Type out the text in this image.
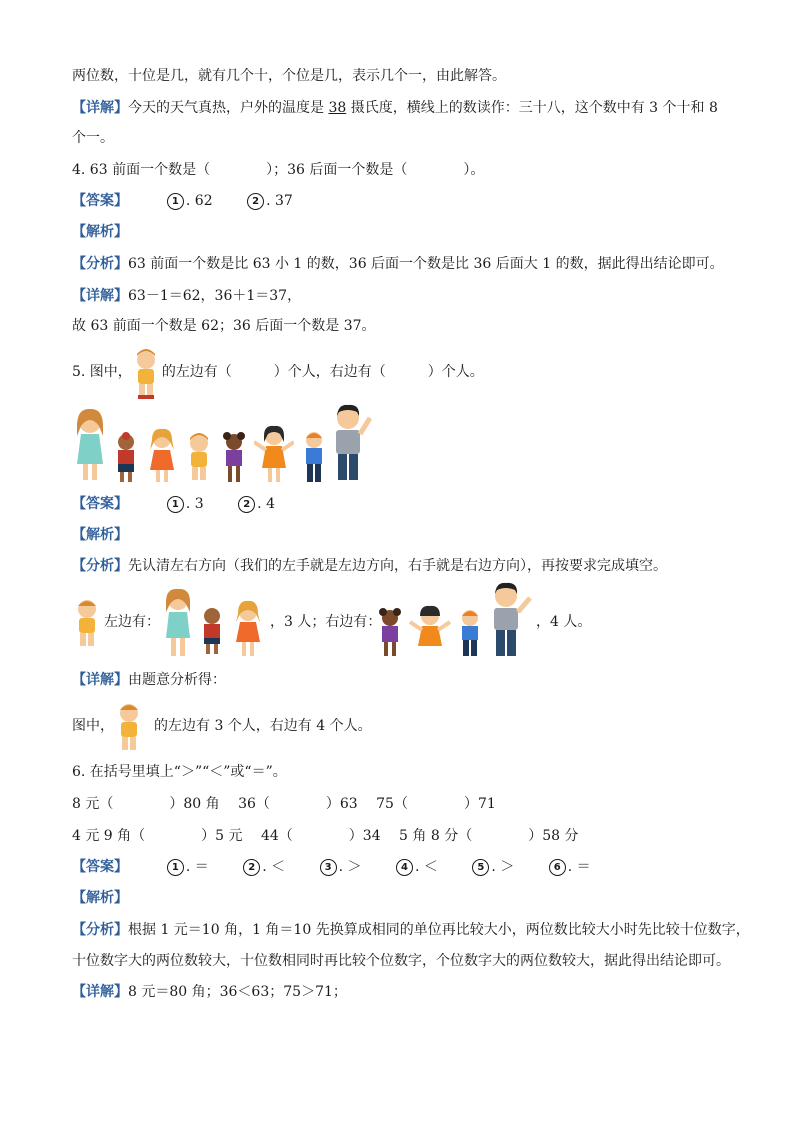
两位数，十位是几，就有几个十，个位是几，表示几个一，由此解答。
【详解】今天的天气真热，户外的温度是 38 摄氏度，横线上的数读作：三十八，这个数中有 3 个十和 8
个一。
4. 63 前面一个数是（　　　　）；36 后面一个数是（　　　　）。
【答案】	1 . 62	2 . 37
【解析】
【分析】63 前面一个数是比 63 小 1 的数，36 后面一个数是比 36 后面大 1 的数，据此得出结论即可。
【详解】63－1＝62，36＋1＝37，
故 63 前面一个数是 62；36 后面一个数是 37。
5. 图中， 的左边有（　　　）个人，右边有（　　　）个人。
【答案】	1 . 3	2 . 4
【解析】
【分析】先认清左右方向（我们的左手就是左边方向，右手就是右边方向），再按要求完成填空。
左边有：	，3 人；右边有：	，4 人。
【详解】由题意分析得：
图中，	的左边有 3 个人，右边有 4 个人。
6. 在括号里填上“＞”“＜”或“＝”。
8 元（　　　　）80 角　 36（　　　　）63　 75（　　　　）71
4 元 9 角（　　　　）5 元　 44（　　　　）34　 5 角 8 分（　　　　）58 分
【答案】	1 . ＝	2 . ＜	3 . ＞	4 . ＜	5 . ＞	6 . ＝
【解析】
【分析】根据 1 元＝10 角，1 角＝10 先换算成相同的单位再比较大小，两位数比较大小时先比较十位数字，
十位数字大的两位数较大，十位数相同时再比较个位数字，个位数字大的两位数较大，据此得出结论即可。
【详解】8 元＝80 角；36＜63；75＞71；
